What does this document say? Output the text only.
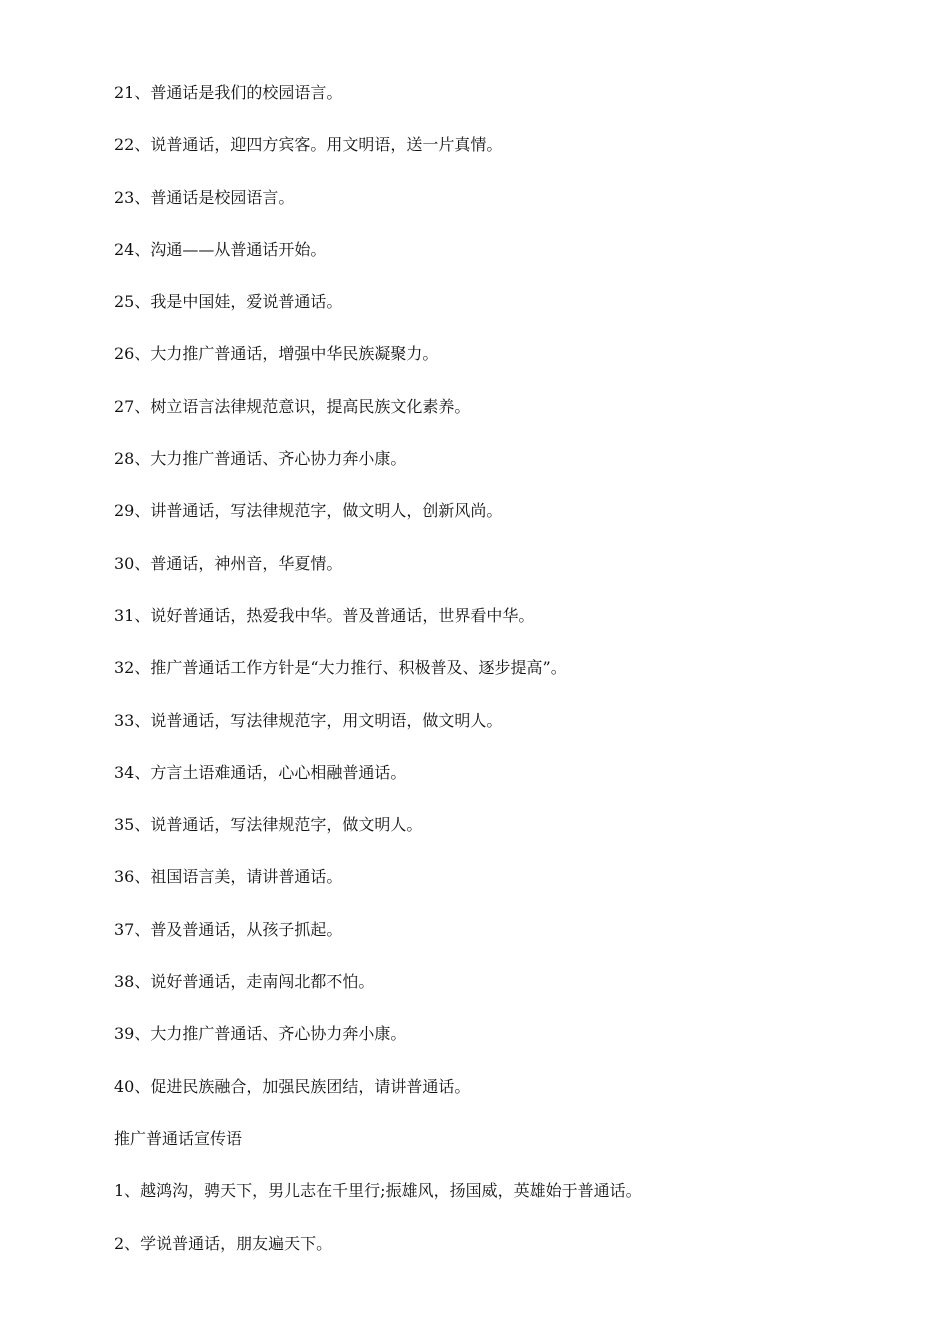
21、普通话是我们的校园语言。
22、说普通话，迎四方宾客。用文明语，送一片真情。
23、普通话是校园语言。
24、沟通——从普通话开始。
25、我是中国娃，爱说普通话。
26、大力推广普通话，增强中华民族凝聚力。
27、树立语言法律规范意识，提高民族文化素养。
28、大力推广普通话、齐心协力奔小康。
29、讲普通话，写法律规范字，做文明人，创新风尚。
30、普通话，神州音，华夏情。
31、说好普通话，热爱我中华。普及普通话，世界看中华。
32、推广普通话工作方针是“大力推行、积极普及、逐步提高”。
33、说普通话，写法律规范字，用文明语，做文明人。
34、方言土语难通话，心心相融普通话。
35、说普通话，写法律规范字，做文明人。
36、祖国语言美，请讲普通话。
37、普及普通话，从孩子抓起。
38、说好普通话，走南闯北都不怕。
39、大力推广普通话、齐心协力奔小康。
40、促进民族融合，加强民族团结，请讲普通话。
推广普通话宣传语
1、越鸿沟，骋天下，男儿志在千里行;振雄风，扬国威，英雄始于普通话。
2、学说普通话，朋友遍天下。
